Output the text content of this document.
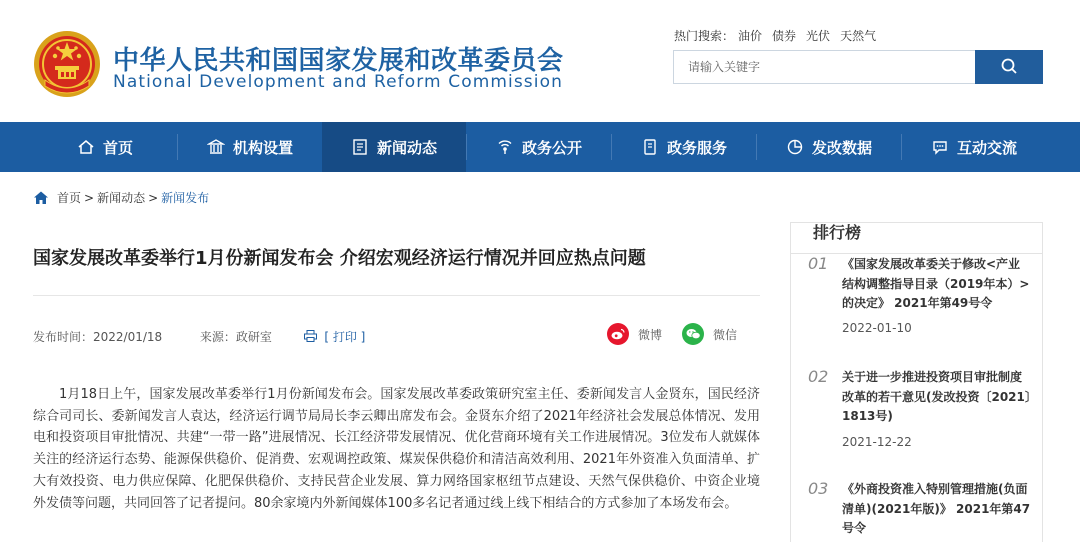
中华人民共和国国家发展和改革委员会
National Development and Reform Commission
热门搜索： 油价 债券 光伏 天然气
请输入关键字
首页	机构设置	新闻动态	政务公开	政务服务	发改数据	互动交流
首页 > 新闻动态 > 新闻发布
国家发展改革委举行1月份新闻发布会 介绍宏观经济运行情况并回应热点问题
发布时间：2022/01/18	来源：政研室	[ 打印 ]	微博	微信

1月18日上午，国家发展改革委举行1月份新闻发布会。国家发展改革委政策研究室主任、委新闻发言人金贤东，国民经济综合司司长、委新闻发言人袁达，经济运行调节局局长李云卿出席发布会。金贤东介绍了2021年经济社会发展总体情况、发用电和投资项目审批情况、共建“一带一路”进展情况、长江经济带发展情况、优化营商环境有关工作进展情况。3位发布人就媒体关注的经济运行态势、能源保供稳价、促消费、宏观调控政策、煤炭保供稳价和清洁高效利用、2021年外资准入负面清单、扩大有效投资、电力供应保障、化肥保供稳价、支持民营企业发展、算力网络国家枢纽节点建设、天然气保供稳价、中资企业境外发债等问题，共同回答了记者提问。80余家境内外新闻媒体100多名记者通过线上线下相结合的方式参加了本场发布会。

排行榜
01 《国家发展改革委关于修改<产业结构调整指导目录（2019年本）>的决定》 2021年第49号令
2022-01-10
02 关于进一步推进投资项目审批制度改革的若干意见(发改投资〔2021〕1813号)
2021-12-22
03 《外商投资准入特别管理措施(负面清单)(2021年版)》 2021年第47号令
